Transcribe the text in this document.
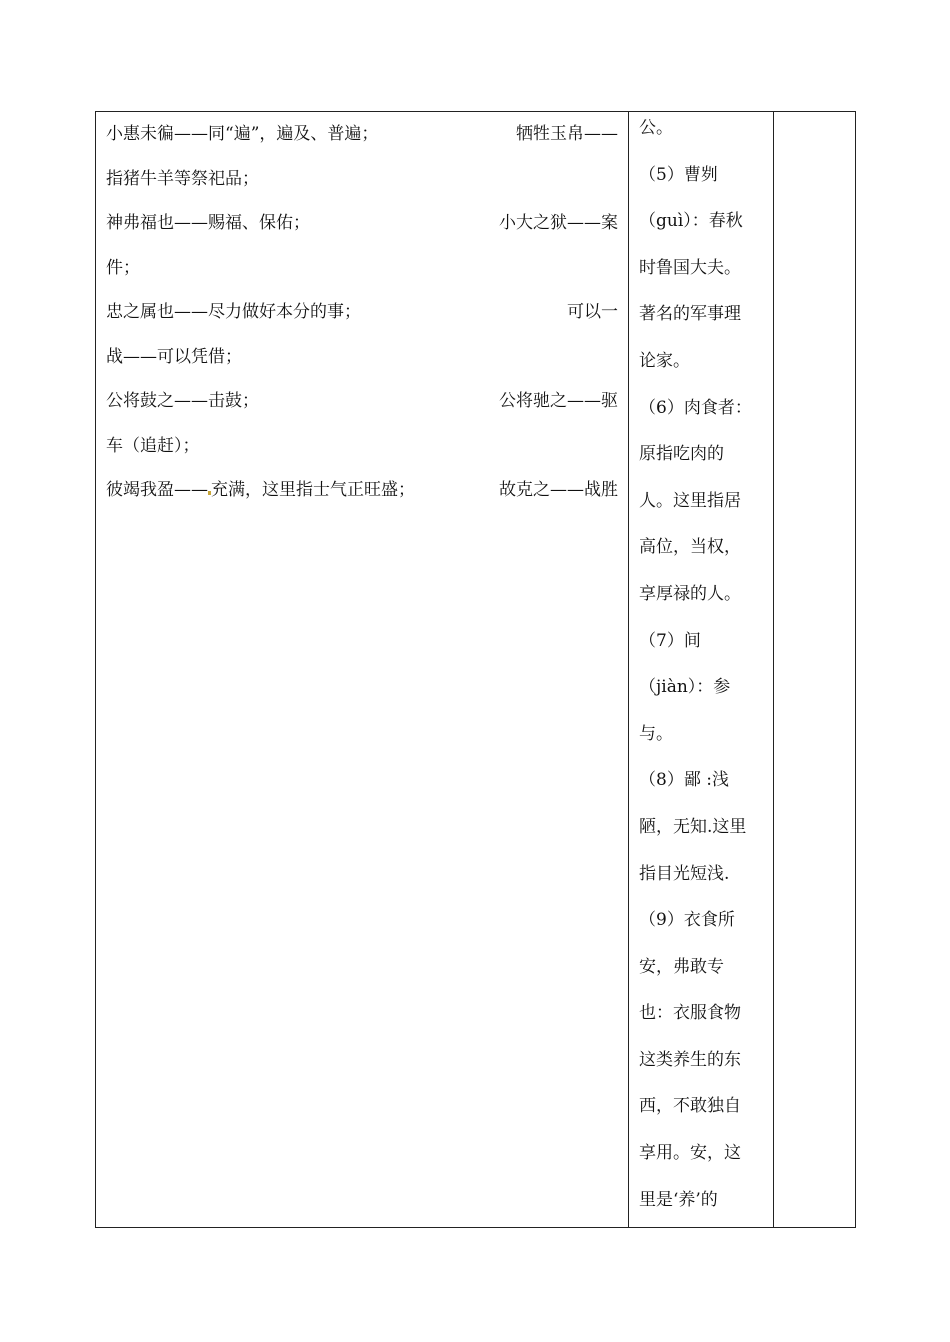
小惠未徧——同“遍”，遍及、普遍；	牺牲玉帛——
指猪牛羊等祭祀品；
神弗福也——赐福、保佑；	小大之狱——案
件；
忠之属也——尽力做好本分的事；	可以一
战——可以凭借；
公将鼓之——击鼓；	公将驰之——驱
车（追赶）；
彼竭我盈—— 充满，这里指士气正旺盛；	故克之——战胜
公。
（5）曹刿
（guì）：春秋
时鲁国大夫。
著名的军事理
论家。
（6）肉食者：
原指吃肉的
人。这里指居
高位，当权，
享厚禄的人。
（7）间
（jiàn）：参
与。
（8）鄙 :浅
陋，无知.这里
指目光短浅.
（9）衣食所
安，弗敢专
也：衣服食物
这类养生的东
西，不敢独自
享用。安，这
里是‘养’的
